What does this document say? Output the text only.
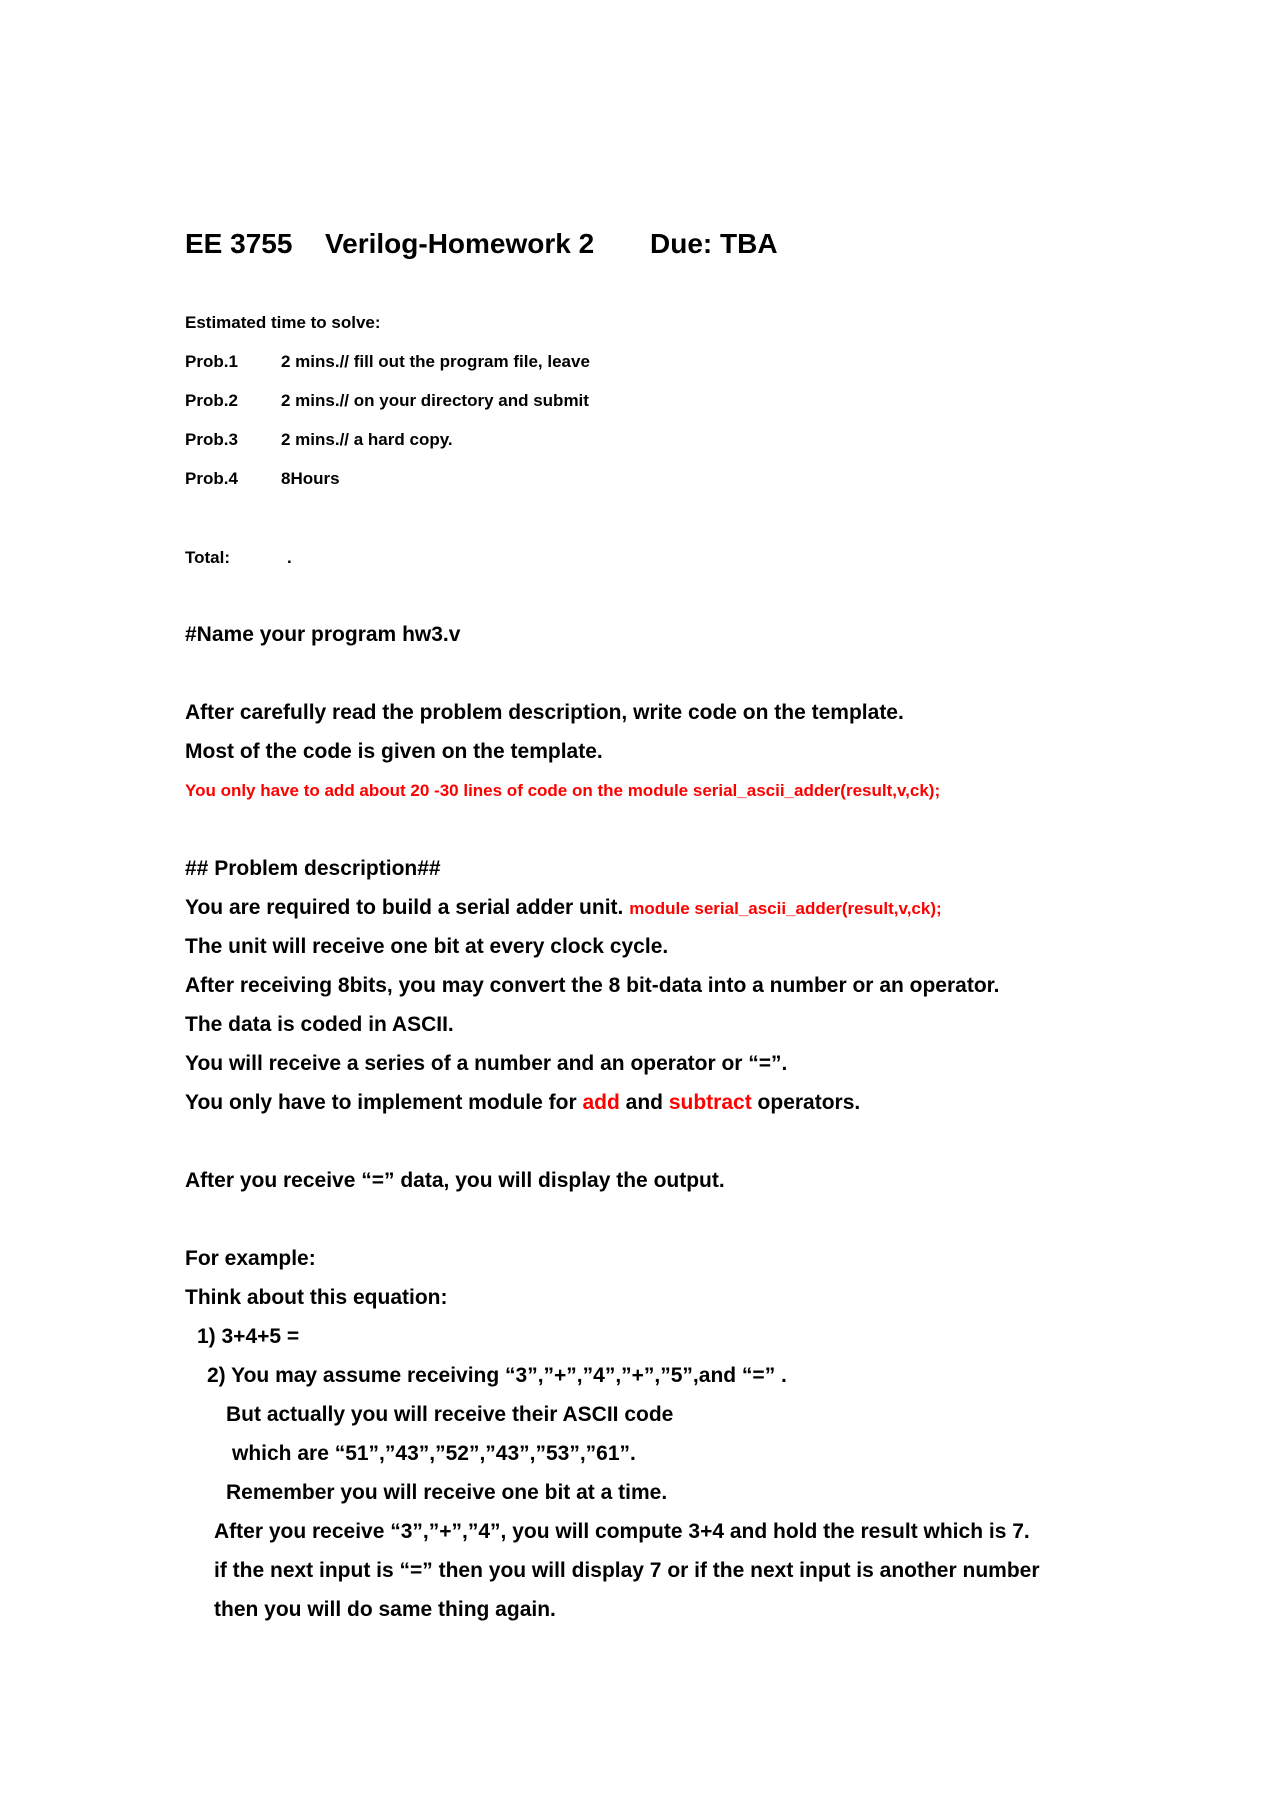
EE 3755 Verilog-Homework 2 Due: TBA
Estimated time to solve:
Prob.1	2 mins.// fill out the program file, leave
Prob.2	2 mins.// on your directory and submit
Prob.3	2 mins.// a hard copy.
Prob.4	8Hours
Total:	.
#Name your program hw3.v
After carefully read the problem description, write code on the template.
Most of the code is given on the template.
You only have to add about 20 -30 lines of code on the module serial_ascii_adder(result,v,ck);
## Problem description##
You are required to build a serial adder unit. module serial_ascii_adder(result,v,ck);
The unit will receive one bit at every clock cycle.
After receiving 8bits, you may convert the 8 bit-data into a number or an operator.
The data is coded in ASCII.
You will receive a series of a number and an operator or “=”.
You only have to implement module for add and subtract operators.
After you receive “=” data, you will display the output.
For example:
Think about this equation:
1) 3+4+5 =
2) You may assume receiving “3”,”+”,”4”,”+”,”5”,and “=” .
But actually you will receive their ASCII code
which are “51”,”43”,”52”,”43”,”53”,”61”.
Remember you will receive one bit at a time.
After you receive “3”,”+”,”4”, you will compute 3+4 and hold the result which is 7.
if the next input is “=” then you will display 7 or if the next input is another number
then you will do same thing again.
